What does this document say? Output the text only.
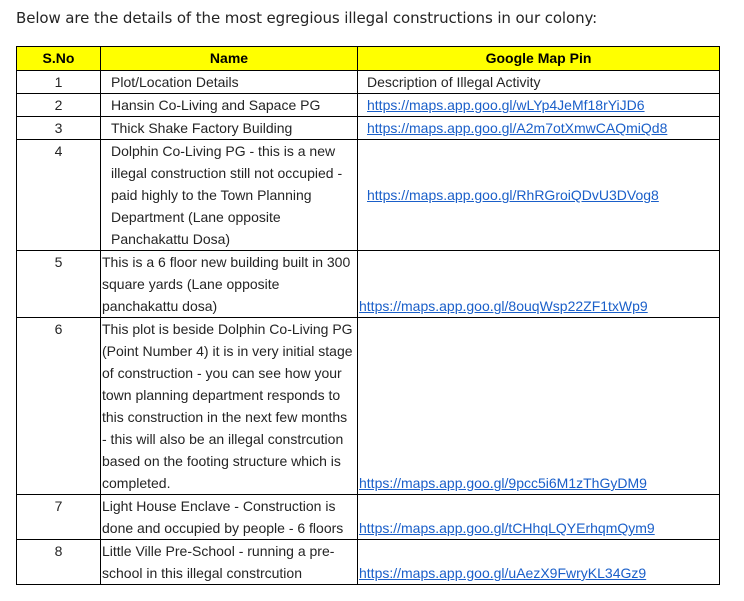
Below are the details of the most egregious illegal constructions in our colony:
S.No	Name	Google Map Pin
1	Plot/Location Details	Description of Illegal Activity
2	Hansin Co-Living and Sapace PG	https://maps.app.goo.gl/wLYp4JeMf18rYiJD6
3	Thick Shake Factory Building	https://maps.app.goo.gl/A2m7otXmwCAQmiQd8
4	Dolphin Co-Living PG - this is a new illegal construction still not occupied - paid highly to the Town Planning Department (Lane opposite Panchakattu Dosa)	https://maps.app.goo.gl/RhRGroiQDvU3DVog8
5	This is a 6 floor new building built in 300 square yards (Lane opposite panchakattu dosa)	https://maps.app.goo.gl/8ouqWsp22ZF1txWp9
6	This plot is beside Dolphin Co-Living PG (Point Number 4) it is in very initial stage of construction - you can see how your town planning department responds to this construction in the next few months - this will also be an illegal constrcution based on the footing structure which is completed.	https://maps.app.goo.gl/9pcc5i6M1zThGyDM9
7	Light House Enclave - Construction is done and occupied by people - 6 floors	https://maps.app.goo.gl/tCHhqLQYErhqmQym9
8	Little Ville Pre-School - running a pre-school in this illegal constrcution	https://maps.app.goo.gl/uAezX9FwryKL34Gz9
